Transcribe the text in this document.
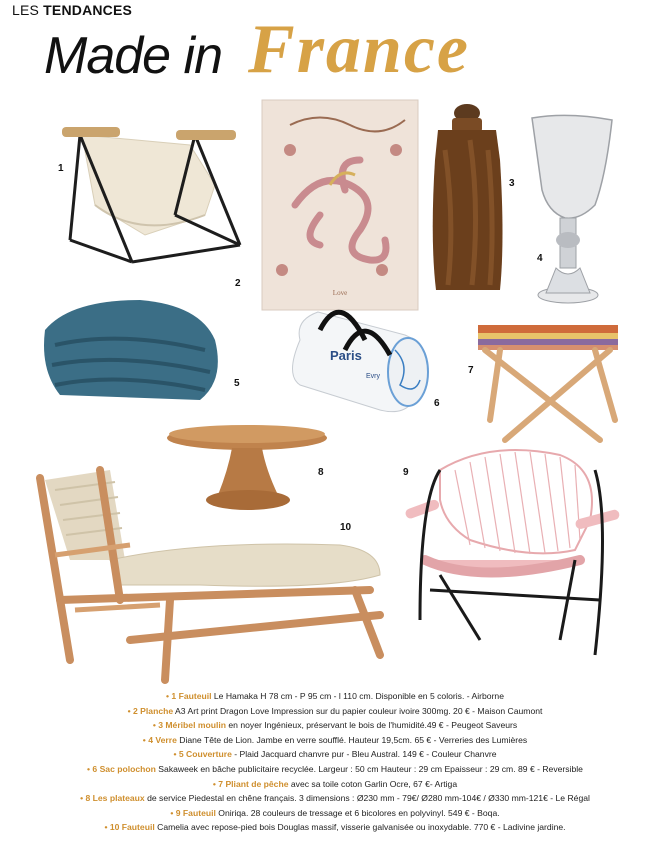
LES TENDANCES
Made in France
Love
Paris
Evry
1
2
3
4
5
6
7
8	9
10
• 1 Fauteuil Le Hamaka H 78 cm - P 95 cm - l 110 cm. Disponible en 5 coloris. - Airborne
• 2 Planche A3 Art print Dragon Love Impression sur du papier couleur ivoire 300mg. 20 € - Maison Caumont
• 3 Méribel moulin en noyer Ingénieux, préservant le bois de l'humidité.49 € - Peugeot Saveurs
• 4 Verre Diane Tête de Lion. Jambe en verre soufflé. Hauteur 19,5cm. 65 € - Verreries des Lumières
• 5 Couverture - Plaid Jacquard chanvre pur - Bleu Austral. 149 € - Couleur Chanvre
• 6 Sac polochon Sakaweek en bâche publicitaire recyclée. Largeur : 50 cm Hauteur : 29 cm Epaisseur : 29 cm. 89 € - Reversible
• 7 Pliant de pêche avec sa toile coton Garlin Ocre, 67 €- Artiga
• 8 Les plateaux de service Piedestal en chêne français. 3 dimensions : Ø230 mm - 79€/ Ø280 mm-104€ / Ø330 mm-121€ - Le Régal
• 9 Fauteuil Oniriqa. 28 couleurs de tressage et 6 bicolores en polyvinyl. 549 € - Boqa.
• 10 Fauteuil Camelia avec repose-pied bois Douglas massif, visserie galvanisée ou inoxydable. 770 € - Ladivine jardine.
